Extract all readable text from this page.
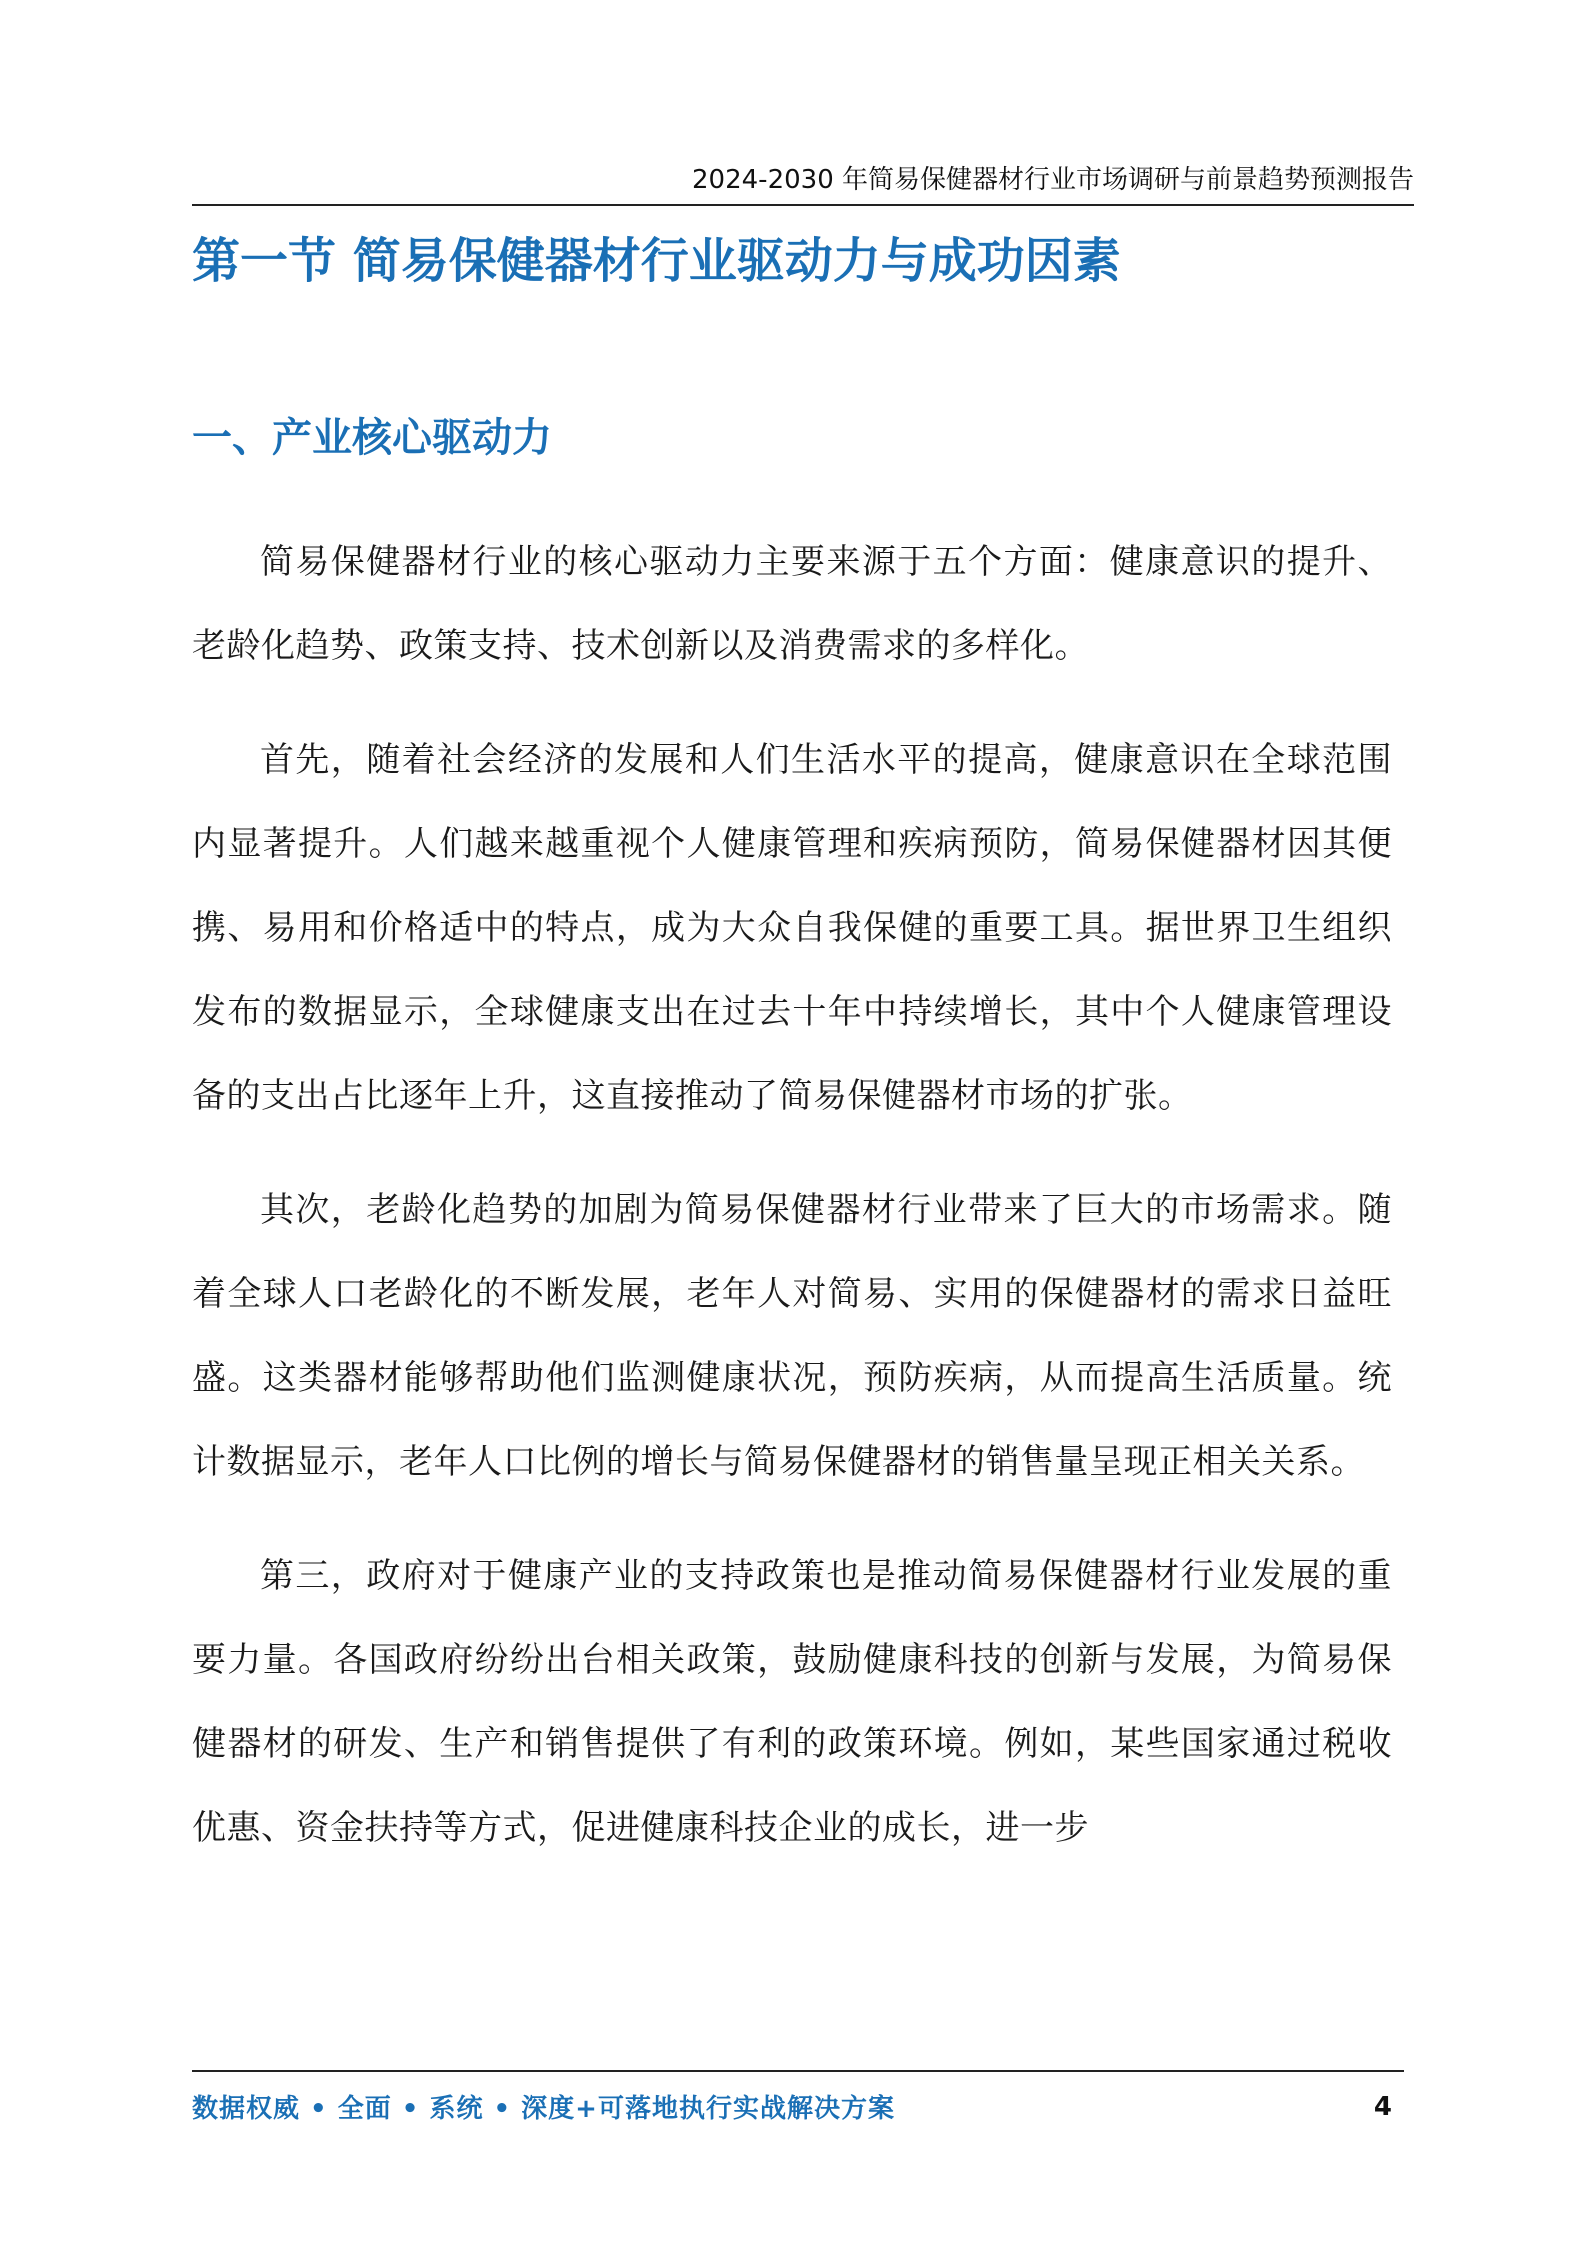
2024-2030 年简易保健器材行业市场调研与前景趋势预测报告
第一节 简易保健器材行业驱动力与成功因素
一、产业核心驱动力

简易保健器材行业的核心驱动力主要来源于五个方面：健康意识的提升、老龄化趋势、政策支持、技术创新以及消费需求的多样化。

首先，随着社会经济的发展和人们生活水平的提高，健康意识在全球范围内显著提升。人们越来越重视个人健康管理和疾病预防，简易保健器材因其便携、易用和价格适中的特点，成为大众自我保健的重要工具。据世界卫生组织发布的数据显示，全球健康支出在过去十年中持续增长，其中个人健康管理设备的支出占比逐年上升，这直接推动了简易保健器材市场的扩张。

其次，老龄化趋势的加剧为简易保健器材行业带来了巨大的市场需求。随着全球人口老龄化的不断发展，老年人对简易、实用的保健器材的需求日益旺盛。这类器材能够帮助他们监测健康状况，预防疾病，从而提高生活质量。统计数据显示，老年人口比例的增长与简易保健器材的销售量呈现正相关关系。

第三，政府对于健康产业的支持政策也是推动简易保健器材行业发展的重要力量。各国政府纷纷出台相关政策，鼓励健康科技的创新与发展，为简易保健器材的研发、生产和销售提供了有利的政策环境。例如，某些国家通过税收优惠、资金扶持等方式，促进健康科技企业的成长，进一步

数据权威 • 全面 • 系统 • 深度+可落地执行实战解决方案	4
